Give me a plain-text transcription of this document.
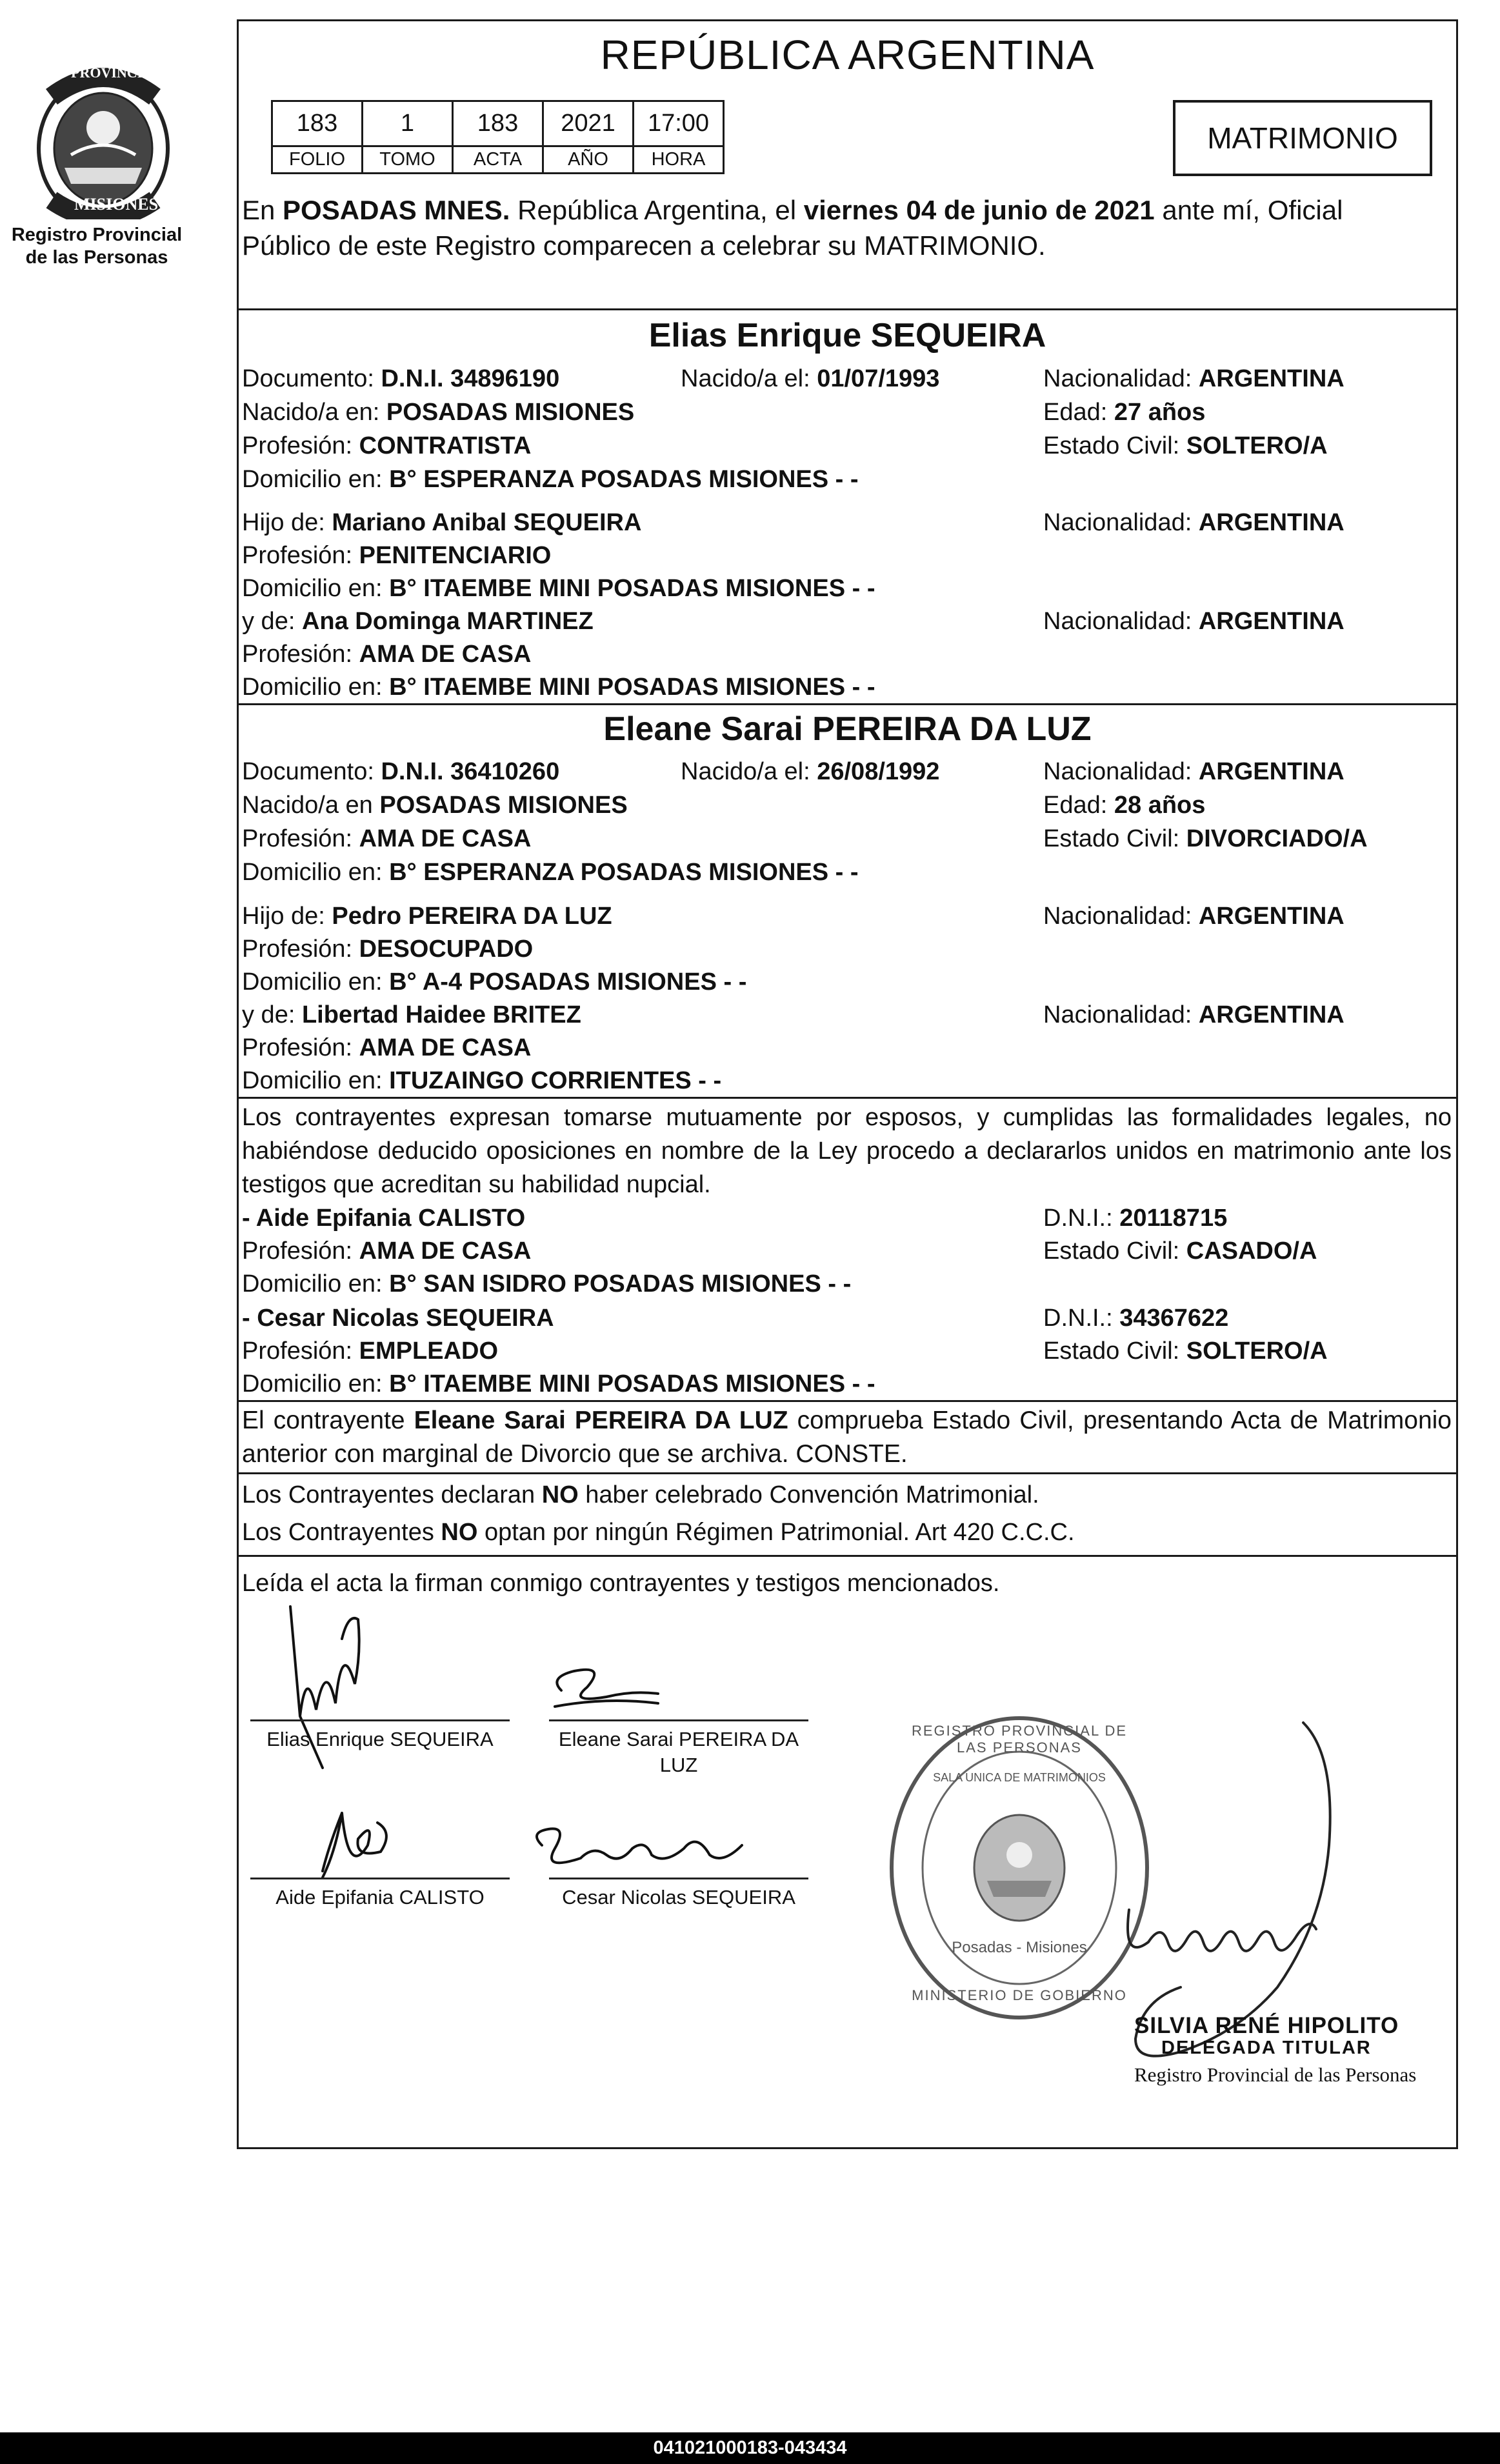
PROVINCIA DE
MISIONES
Registro Provincial
de las Personas
REPÚBLICA ARGENTINA
183	1	183	2021	17:00
FOLIO	TOMO	ACTA	AÑO	HORA
MATRIMONIO
En POSADAS MNES. República Argentina, el viernes 04 de junio de 2021 ante mí, Oficial
Público de este Registro comparecen a celebrar su MATRIMONIO.
Elias Enrique SEQUEIRA
Documento: D.N.I. 34896190	Nacido/a el: 01/07/1993	Nacionalidad: ARGENTINA
Nacido/a en: POSADAS MISIONES	Edad: 27 años
Profesión: CONTRATISTA	Estado Civil: SOLTERO/A
Domicilio en: B° ESPERANZA POSADAS MISIONES - -
Hijo de: Mariano Anibal SEQUEIRA	Nacionalidad: ARGENTINA
Profesión: PENITENCIARIO
Domicilio en: B° ITAEMBE MINI POSADAS MISIONES - -
y de: Ana Dominga MARTINEZ	Nacionalidad: ARGENTINA
Profesión: AMA DE CASA
Domicilio en: B° ITAEMBE MINI POSADAS MISIONES - -
Eleane Sarai PEREIRA DA LUZ
Documento: D.N.I. 36410260	Nacido/a el: 26/08/1992	Nacionalidad: ARGENTINA
Nacido/a en POSADAS MISIONES	Edad: 28 años
Profesión: AMA DE CASA	Estado Civil: DIVORCIADO/A
Domicilio en: B° ESPERANZA POSADAS MISIONES - -
Hijo de: Pedro PEREIRA DA LUZ	Nacionalidad: ARGENTINA
Profesión: DESOCUPADO
Domicilio en: B° A-4 POSADAS MISIONES - -
y de: Libertad Haidee BRITEZ	Nacionalidad: ARGENTINA
Profesión: AMA DE CASA
Domicilio en: ITUZAINGO CORRIENTES - -
Los contrayentes expresan tomarse mutuamente por esposos, y cumplidas las formalidades legales, no habiéndose deducido oposiciones en nombre de la Ley procedo a declararlos unidos en matrimonio ante los testigos que acreditan su habilidad nupcial.
- Aide Epifania CALISTO	D.N.I.: 20118715
Profesión: AMA DE CASA	Estado Civil: CASADO/A
Domicilio en: B° SAN ISIDRO POSADAS MISIONES - -
- Cesar Nicolas SEQUEIRA	D.N.I.: 34367622
Profesión: EMPLEADO	Estado Civil: SOLTERO/A
Domicilio en: B° ITAEMBE MINI POSADAS MISIONES - -
El contrayente Eleane Sarai PEREIRA DA LUZ comprueba Estado Civil, presentando Acta de Matrimonio anterior con marginal de Divorcio que se archiva. CONSTE.
Los Contrayentes declaran NO haber celebrado Convención Matrimonial.
Los Contrayentes NO optan por ningún Régimen Patrimonial. Art 420 C.C.C.
Leída el acta la firman conmigo contrayentes y testigos mencionados.
Elias Enrique SEQUEIRA	Eleane Sarai PEREIRA DA LUZ
Aide Epifania CALISTO	Cesar Nicolas SEQUEIRA
REGISTRO PROVINCIAL DE LAS PERSONAS
SALA UNICA DE MATRIMONIOS
Posadas - Misiones
MINISTERIO DE GOBIERNO
SILVIA RENÉ HIPOLITO
DELEGADA TITULAR
Registro Provincial de las Personas
041021000183-043434
